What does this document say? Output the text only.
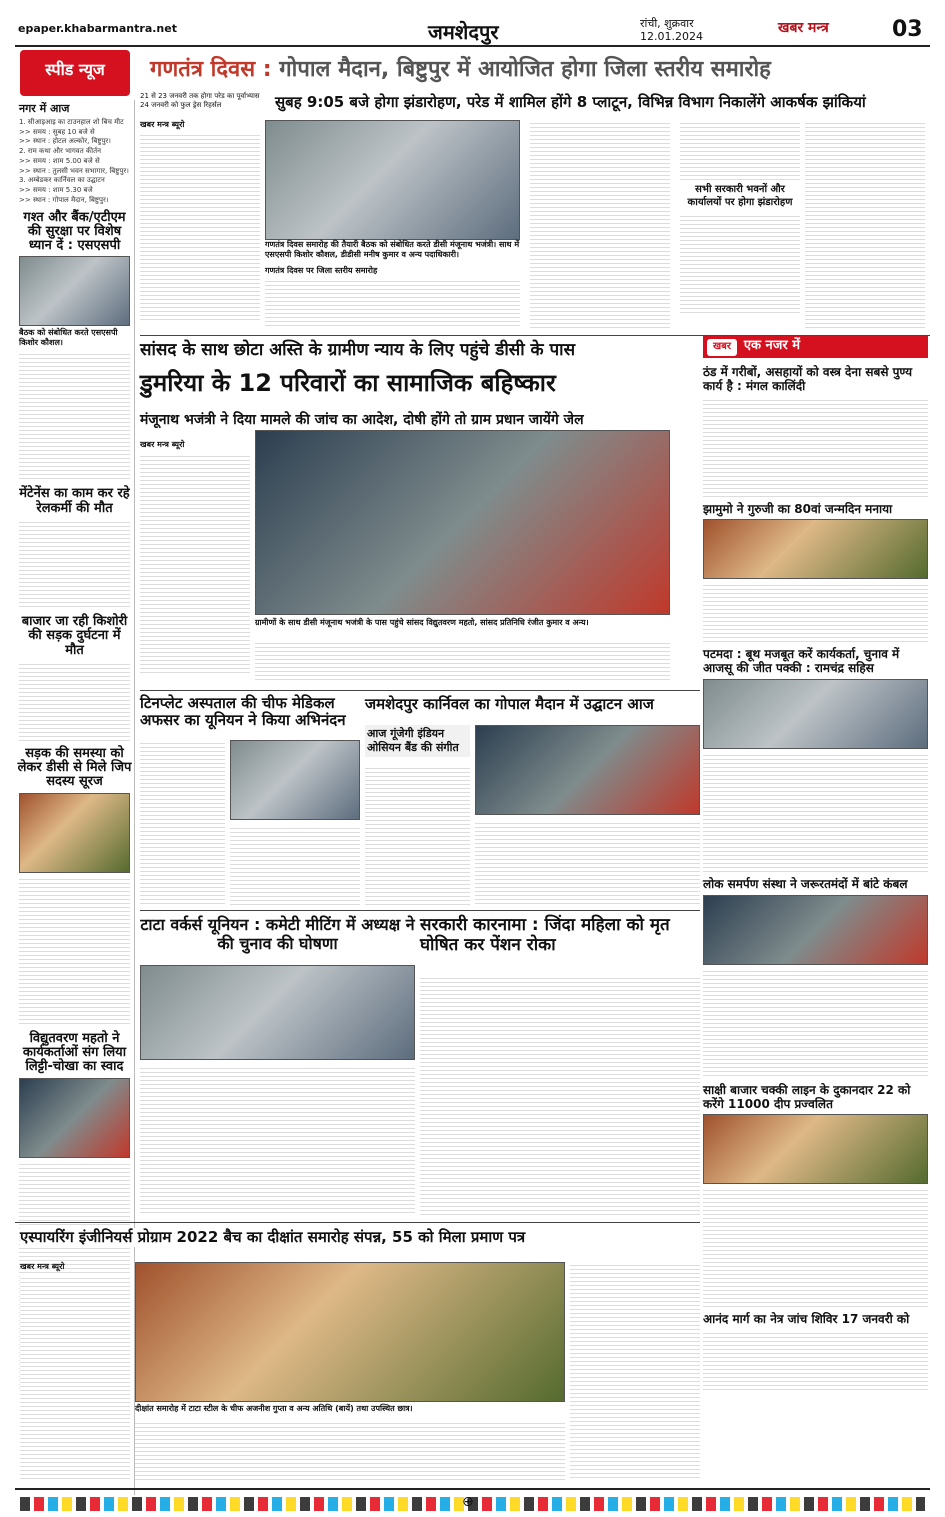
epaper.khabarmantra.net	जमशेदपुर	रांची, शुक्रवार
12.01.2024
खबर मन्त्र	03
स्पीड न्यूज	गणतंत्र दिवस : गोपाल मैदान, बिष्टुपुर में आयोजित होगा जिला स्तरीय समारोह
21 से 23 जनवरी तक होगा परेड का पूर्वाभ्यास 24 जनवरी को फुल ड्रेस रिहर्सल	सुबह 9:05 बजे होगा झंडारोहण, परेड में शामिल होंगे 8 प्लाटून, विभिन्न विभाग निकालेंगे आकर्षक झांकियां
नगर में आज
1. सीआइआइ का टाउनहाल शो बिच मीट
>> समय : सुबह 10 बजे से
>> स्थान : होटल अल्कोर, बिष्टुपुर।
2. राम कथा और भागवत कीर्तन
>> समय : शाम 5.00 बजे से
>> स्थान : तुलसी भवन सभागार, बिष्टुपुर।
3. अम्बेडकर कार्निवल का उद्घाटन
>> समय : शाम 5.30 बजे
>> स्थान : गोपाल मैदान, बिष्टुपुर।
गश्त और बैंक/एटीएम की सुरक्षा पर विशेष ध्यान दें : एसएसपी
बैठक को संबोधित करते एसएसपी किशोर कौशल।
मेंटेनेंस का काम कर रहे रेलकर्मी की मौत
बाजार जा रही किशोरी की सड़क दुर्घटना में मौत
सड़क की समस्या को लेकर डीसी से मिले जिप सदस्य सूरज
विद्युतवरण महतो ने कार्यकर्ताओं संग लिया लिट्टी-चोखा का स्वाद
गणतंत्र दिवस समारोह की तैयारी बैठक को संबोधित करते डीसी मंजूनाथ भजंत्री। साथ में एसएसपी किशोर कौशल, डीडीसी मनीष कुमार व अन्य पदाधिकारी।
खबर मन्त्र ब्यूरो
गणतंत्र दिवस पर जिला स्तरीय समारोह
सभी सरकारी भवनों और कार्यालयों पर होगा झंडारोहण
सांसद के साथ छोटा अस्ति के ग्रामीण न्याय के लिए पहुंचे डीसी के पास
डुमरिया के 12 परिवारों का सामाजिक बहिष्कार
मंजूनाथ भजंत्री ने दिया मामले की जांच का आदेश, दोषी होंगे तो ग्राम प्रधान जायेंगे जेल
खबर मन्त्र ब्यूरो
ग्रामीणों के साथ डीसी मंजूनाथ भजंत्री के पास पहुंचे सांसद विद्युतवरण महतो, सांसद प्रतिनिधि रंजीत कुमार व अन्य।
खबर एक नजर में
ठंड में गरीबों, असहायों को वस्त्र देना सबसे पुण्य कार्य है : मंगल कालिंदी
झामुमो ने गुरुजी का 80वां जन्मदिन मनाया
पटमदा : बूथ मजबूत करें कार्यकर्ता, चुनाव में आजसू की जीत पक्की : रामचंद्र सहिस
लोक समर्पण संस्था ने जरूरतमंदों में बांटे कंबल
साक्षी बाजार चक्की लाइन के दुकानदार 22 को करेंगे 11000 दीप प्रज्वलित
आनंद मार्ग का नेत्र जांच शिविर 17 जनवरी को
टिनप्लेट अस्पताल की चीफ मेडिकल अफसर का यूनियन ने किया अभिनंदन
जमशेदपुर कार्निवल का गोपाल मैदान में उद्घाटन आज
आज गूंजेगी इंडियन ओसियन बैंड की संगीत
टाटा वर्कर्स यूनियन : कमेटी मीटिंग में अध्यक्ष ने की चुनाव की घोषणा
सरकारी कारनामा : जिंदा महिला को मृत घोषित कर पेंशन रोका
एस्पायरिंग इंजीनियर्स प्रोग्राम 2022 बैच का दीक्षांत समारोह संपन्न, 55 को मिला प्रमाण पत्र
खबर मन्त्र ब्यूरो
दीक्षांत समारोह में टाटा स्टील के चीफ अजनीश गुप्ता व अन्य अतिथि (बायें) तथा उपस्थित छात्र।
⊕
